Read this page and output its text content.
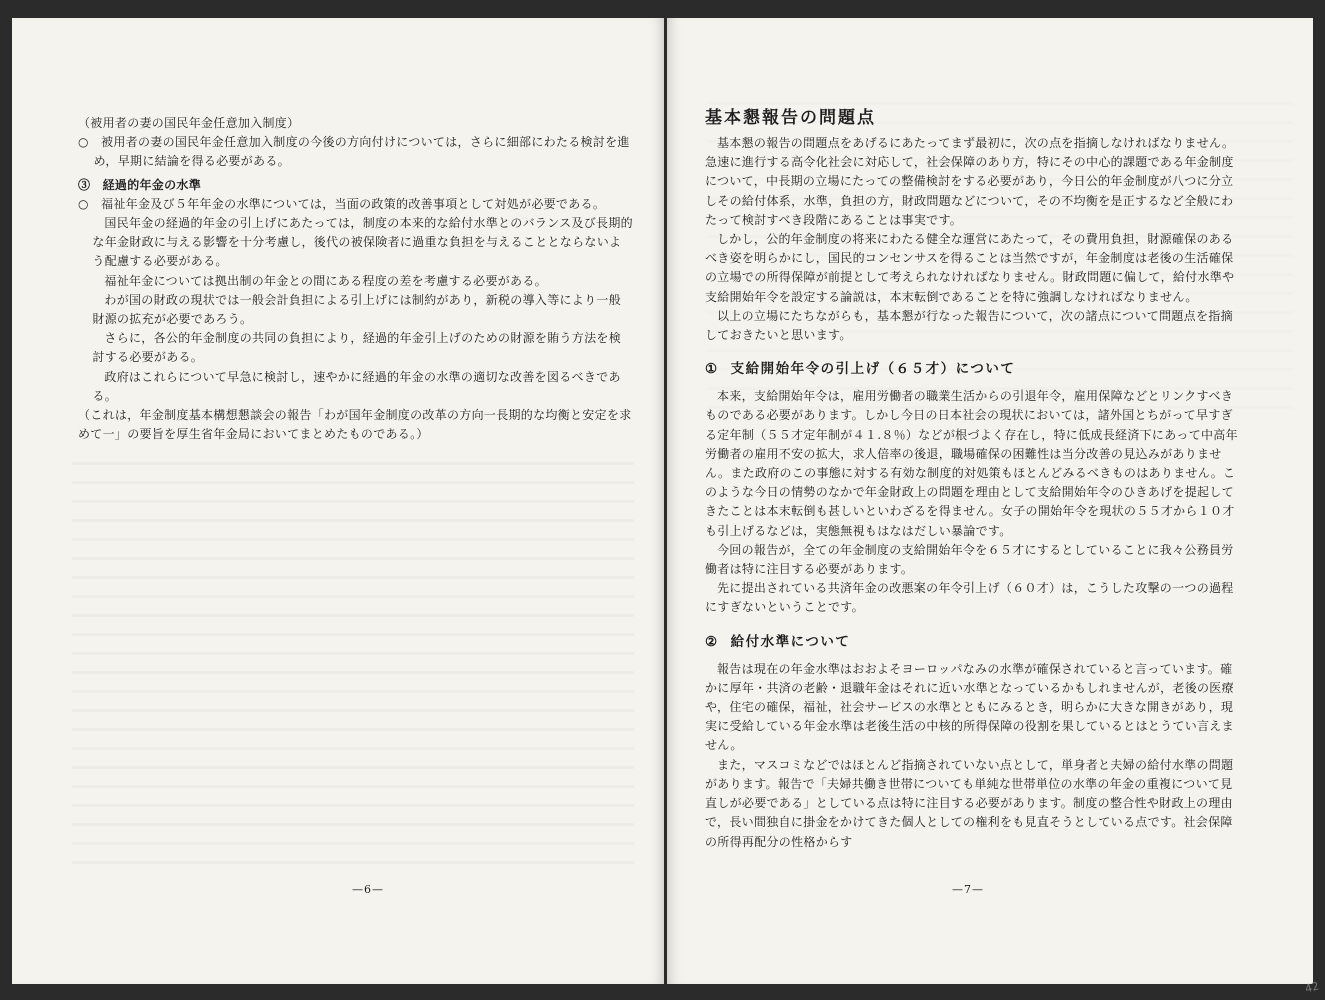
（被用者の妻の国民年金任意加入制度）

○　被用者の妻の国民年金任意加入制度の今後の方向付けについては，さらに細部にわたる検討を進め，早期に結論を得る必要がある。

③　経過的年金の水準

○　福祉年金及び５年年金の水準については，当面の政策的改善事項として対処が必要である。

国民年金の経過的年金の引上げにあたっては，制度の本来的な給付水準とのバランス及び長期的な年金財政に与える影響を十分考慮し，後代の被保険者に過重な負担を与えることとならないよう配慮する必要がある。

福祉年金については拠出制の年金との間にある程度の差を考慮する必要がある。

わが国の財政の現状では一般会計負担による引上げには制約があり，新税の導入等により一般財源の拡充が必要であろう。

さらに，各公的年金制度の共同の負担により，経過的年金引上げのための財源を賄う方法を検討する必要がある。

政府はこれらについて早急に検討し，速やかに経過的年金の水準の適切な改善を図るべきである。

（これは，年金制度基本構想懇談会の報告「わが国年金制度の改革の方向一長期的な均衡と安定を求めて一」の要旨を厚生省年金局においてまとめたものである。）

—6—

基本懇報告の問題点

基本懇の報告の問題点をあげるにあたってまず最初に，次の点を指摘しなければなりません。急速に進行する高令化社会に対応して，社会保障のあり方，特にその中心的課題である年金制度について，中長期の立場にたっての整備検討をする必要があり，今日公的年金制度が八つに分立しその給付体系，水準，負担の方，財政問題などについて，その不均衡を是正するなど全般にわたって検討すべき段階にあることは事実です。

しかし，公的年金制度の将来にわたる健全な運営にあたって，その費用負担，財源確保のあるべき姿を明らかにし，国民的コンセンサスを得ることは当然ですが，年金制度は老後の生活確保の立場での所得保障が前提として考えられなければなりません。財政問題に偏して，給付水準や支給開始年令を設定する論説は，本末転倒であることを特に強調しなければなりません。

以上の立場にたちながらも，基本懇が行なった報告について，次の諸点について問題点を指摘しておきたいと思います。

① 支給開始年令の引上げ（６５才）について

本来，支給開始年令は，雇用労働者の職業生活からの引退年令，雇用保障などとリンクすべきものである必要があります。しかし今日の日本社会の現状においては，諸外国とちがって早すぎる定年制（５５才定年制が４１.８％）などが根づよく存在し，特に低成長経済下にあって中高年労働者の雇用不安の拡大，求人倍率の後退，職場確保の困難性は当分改善の見込みがありません。また政府のこの事態に対する有効な制度的対処策もほとんどみるべきものはありません。このような今日の情勢のなかで年金財政上の問題を理由として支給開始年令のひきあげを提起してきたことは本末転倒も甚しいといわざるを得ません。女子の開始年令を現状の５５才から１０才も引上げるなどは，実態無視もはなはだしい暴論です。

今回の報告が，全ての年金制度の支給開始年令を６５才にするとしていることに我々公務員労働者は特に注目する必要があります。

先に提出されている共済年金の改悪案の年令引上げ（６０才）は，こうした攻撃の一つの過程にすぎないということです。

② 給付水準について

報告は現在の年金水準はおおよそヨーロッパなみの水準が確保されていると言っています。確かに厚年・共済の老齢・退職年金はそれに近い水準となっているかもしれませんが，老後の医療や，住宅の確保，福祉，社会サービスの水準とともにみるとき，明らかに大きな開きがあり，現実に受給している年金水準は老後生活の中核的所得保障の役割を果しているとはとうてい言えません。

また，マスコミなどではほとんど指摘されていない点として，単身者と夫婦の給付水準の問題があります。報告で「夫婦共働き世帯についても単純な世帯単位の水準の年金の重複について見直しが必要である」としている点は特に注目する必要があります。制度の整合性や財政上の理由で，長い間独自に掛金をかけてきた個人としての権利をも見直そうとしている点です。社会保障の所得再配分の性格からす

—7—
42
